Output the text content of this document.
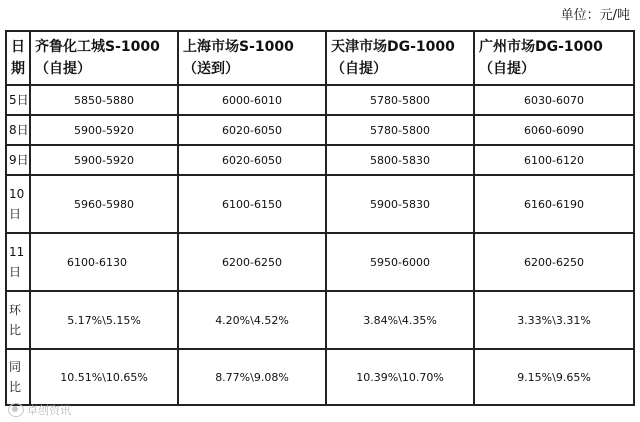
单位：元/吨
日
期	齐鲁化工城S-1000（自提）	上海市场S-1000（送到）	天津市场DG-1000（自提）	广州市场DG-1000（自提）

5日	5850-5880	6000-6010	5780-5800	6030-6070

8日	5900-5920	6020-6050	5780-5800	6060-6090

9日	5900-5920	6020-6050	5800-5830	6100-6120

10
日	5960-5980	6100-6150	5900-5830	6160-6190

11
日	6100-6130	6200-6250	5950-6000	6200-6250

环
比	5.17%\5.15%	4.20%\4.52%	3.84%\4.35%	3.33%\3.31%

同
比	10.51%\10.65%	8.77%\9.08%	10.39%\10.70%	9.15%\9.65%
卓创资讯
